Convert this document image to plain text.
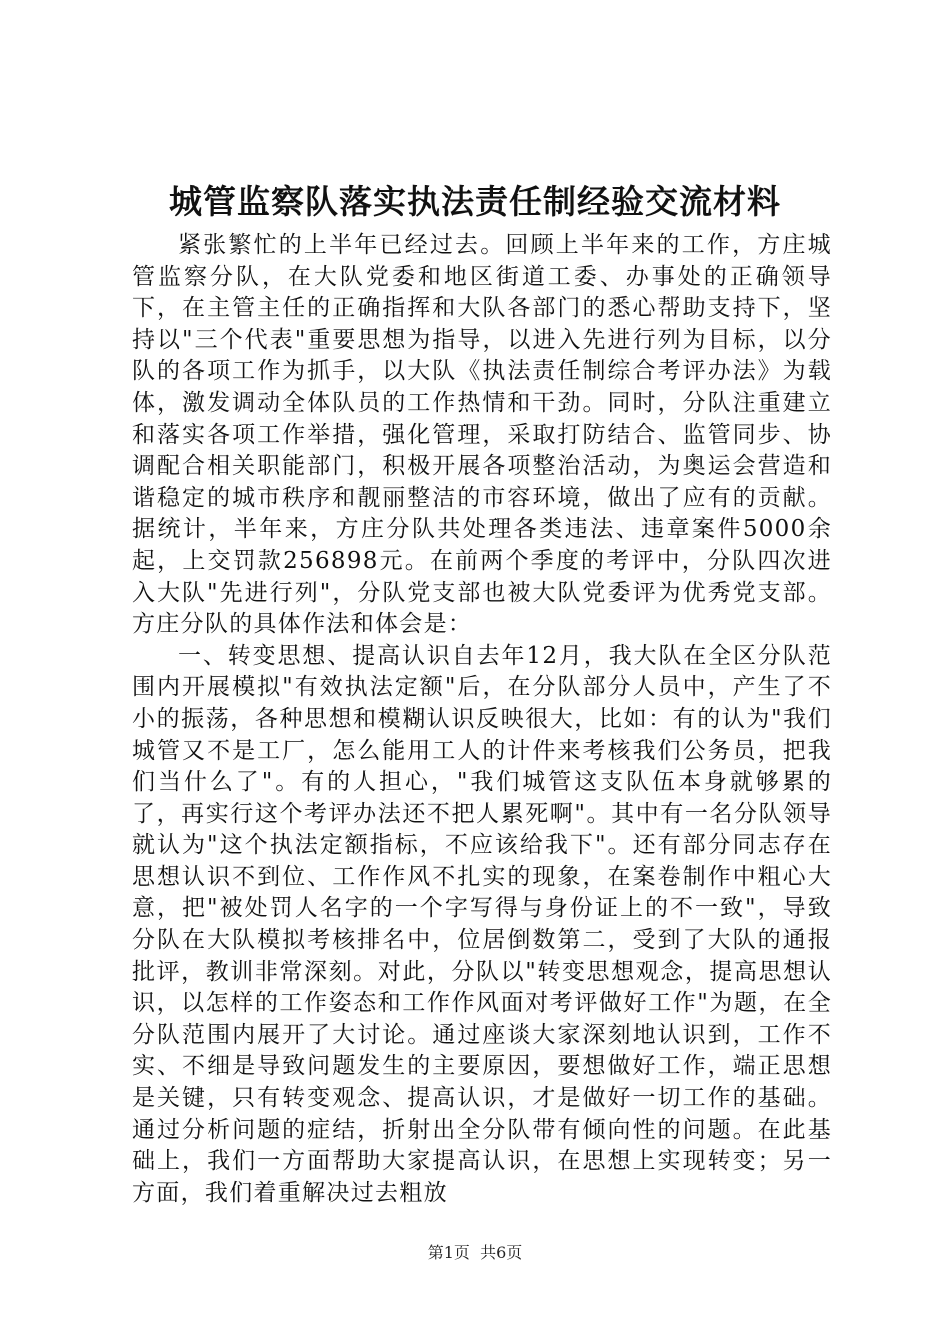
城管监察队落实执法责任制经验交流材料

紧张繁忙的上半年已经过去。回顾上半年来的工作，方庄城管监察分队，在大队党委和地区街道工委、办事处的正确领导下，在主管主任的正确指挥和大队各部门的悉心帮助支持下，坚持以"三个代表"重要思想为指导，以进入先进行列为目标，以分队的各项工作为抓手，以大队《执法责任制综合考评办法》为载体，激发调动全体队员的工作热情和干劲。同时，分队注重建立和落实各项工作举措，强化管理，采取打防结合、监管同步、协调配合相关职能部门，积极开展各项整治活动，为奥运会营造和谐稳定的城市秩序和靓丽整洁的市容环境，做出了应有的贡献。据统计，半年来，方庄分队共处理各类违法、违章案件5000余起，上交罚款256898元。在前两个季度的考评中，分队四次进入大队"先进行列"，分队党支部也被大队党委评为优秀党支部。方庄分队的具体作法和体会是：

一、转变思想、提高认识自去年12月，我大队在全区分队范围内开展模拟"有效执法定额"后，在分队部分人员中，产生了不小的振荡，各种思想和模糊认识反映很大，比如：有的认为"我们城管又不是工厂，怎么能用工人的计件来考核我们公务员，把我们当什么了"。有的人担心，"我们城管这支队伍本身就够累的了，再实行这个考评办法还不把人累死啊"。其中有一名分队领导就认为"这个执法定额指标，不应该给我下"。还有部分同志存在思想认识不到位、工作作风不扎实的现象，在案卷制作中粗心大意，把"被处罚人名字的一个字写得与身份证上的不一致"，导致分队在大队模拟考核排名中，位居倒数第二，受到了大队的通报批评，教训非常深刻。对此，分队以"转变思想观念，提高思想认识，以怎样的工作姿态和工作作风面对考评做好工作"为题，在全分队范围内展开了大讨论。通过座谈大家深刻地认识到，工作不实、不细是导致问题发生的主要原因，要想做好工作，端正思想是关键，只有转变观念、提高认识，才是做好一切工作的基础。通过分析问题的症结，折射出全分队带有倾向性的问题。在此基础上，我们一方面帮助大家提高认识，在思想上实现转变；另一方面，我们着重解决过去粗放

第1页  共6页
